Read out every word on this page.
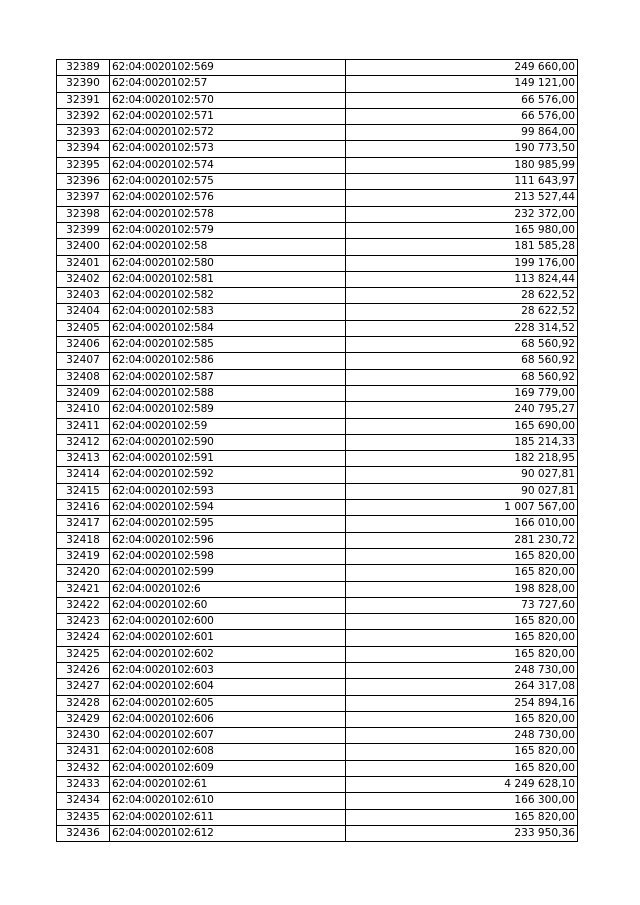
32389	62:04:0020102:569	249 660,00
32390	62:04:0020102:57	149 121,00
32391	62:04:0020102:570	66 576,00
32392	62:04:0020102:571	66 576,00
32393	62:04:0020102:572	99 864,00
32394	62:04:0020102:573	190 773,50
32395	62:04:0020102:574	180 985,99
32396	62:04:0020102:575	111 643,97
32397	62:04:0020102:576	213 527,44
32398	62:04:0020102:578	232 372,00
32399	62:04:0020102:579	165 980,00
32400	62:04:0020102:58	181 585,28
32401	62:04:0020102:580	199 176,00
32402	62:04:0020102:581	113 824,44
32403	62:04:0020102:582	28 622,52
32404	62:04:0020102:583	28 622,52
32405	62:04:0020102:584	228 314,52
32406	62:04:0020102:585	68 560,92
32407	62:04:0020102:586	68 560,92
32408	62:04:0020102:587	68 560,92
32409	62:04:0020102:588	169 779,00
32410	62:04:0020102:589	240 795,27
32411	62:04:0020102:59	165 690,00
32412	62:04:0020102:590	185 214,33
32413	62:04:0020102:591	182 218,95
32414	62:04:0020102:592	90 027,81
32415	62:04:0020102:593	90 027,81
32416	62:04:0020102:594	1 007 567,00
32417	62:04:0020102:595	166 010,00
32418	62:04:0020102:596	281 230,72
32419	62:04:0020102:598	165 820,00
32420	62:04:0020102:599	165 820,00
32421	62:04:0020102:6	198 828,00
32422	62:04:0020102:60	73 727,60
32423	62:04:0020102:600	165 820,00
32424	62:04:0020102:601	165 820,00
32425	62:04:0020102:602	165 820,00
32426	62:04:0020102:603	248 730,00
32427	62:04:0020102:604	264 317,08
32428	62:04:0020102:605	254 894,16
32429	62:04:0020102:606	165 820,00
32430	62:04:0020102:607	248 730,00
32431	62:04:0020102:608	165 820,00
32432	62:04:0020102:609	165 820,00
32433	62:04:0020102:61	4 249 628,10
32434	62:04:0020102:610	166 300,00
32435	62:04:0020102:611	165 820,00
32436	62:04:0020102:612	233 950,36
